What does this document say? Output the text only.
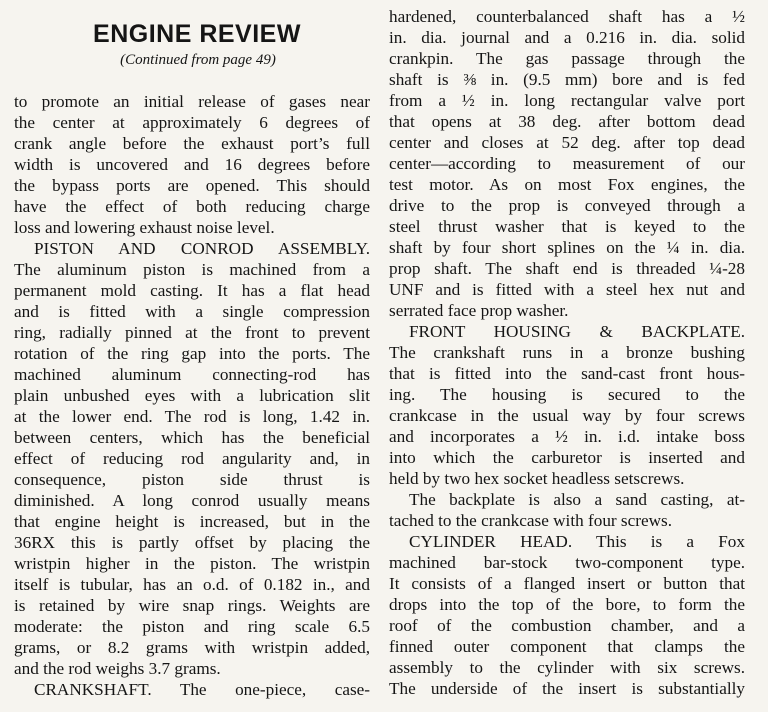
ENGINE REVIEW
(Continued from page 49)
to promote an initial release of gases near
the center at approximately 6 degrees of
crank angle before the exhaust port’s full
width is uncovered and 16 degrees before
the bypass ports are opened. This should
have the effect of both reducing charge
loss and lowering exhaust noise level.
PISTON AND CONROD ASSEMBLY.
The aluminum piston is machined from a
permanent mold casting. It has a flat head
and is fitted with a single compression
ring, radially pinned at the front to prevent
rotation of the ring gap into the ports. The
machined aluminum connecting-rod has
plain unbushed eyes with a lubrication slit
at the lower end. The rod is long, 1.42 in.
between centers, which has the beneficial
effect of reducing rod angularity and, in
consequence, piston side thrust is
diminished. A long conrod usually means
that engine height is increased, but in the
36RX this is partly offset by placing the
wristpin higher in the piston. The wristpin
itself is tubular, has an o.d. of 0.182 in., and
is retained by wire snap rings. Weights are
moderate: the piston and ring scale 6.5
grams, or 8.2 grams with wristpin added,
and the rod weighs 3.7 grams.
CRANKSHAFT. The one-piece, case-
hardened, counterbalanced shaft has a ½
in. dia. journal and a 0.216 in. dia. solid
crankpin. The gas passage through the
shaft is ⅜ in. (9.5 mm) bore and is fed
from a ½ in. long rectangular valve port
that opens at 38 deg. after bottom dead
center and closes at 52 deg. after top dead
center—according to measurement of our
test motor. As on most Fox engines, the
drive to the prop is conveyed through a
steel thrust washer that is keyed to the
shaft by four short splines on the ¼ in. dia.
prop shaft. The shaft end is threaded ¼-28
UNF and is fitted with a steel hex nut and
serrated face prop washer.
FRONT HOUSING & BACKPLATE.
The crankshaft runs in a bronze bushing
that is fitted into the sand-cast front hous-
ing. The housing is secured to the
crankcase in the usual way by four screws
and incorporates a ½ in. i.d. intake boss
into which the carburetor is inserted and
held by two hex socket headless setscrews.
The backplate is also a sand casting, at-
tached to the crankcase with four screws.
CYLINDER HEAD. This is a Fox
machined bar-stock two-component type.
It consists of a flanged insert or button that
drops into the top of the bore, to form the
roof of the combustion chamber, and a
finned outer component that clamps the
assembly to the cylinder with six screws.
The underside of the insert is substantially
